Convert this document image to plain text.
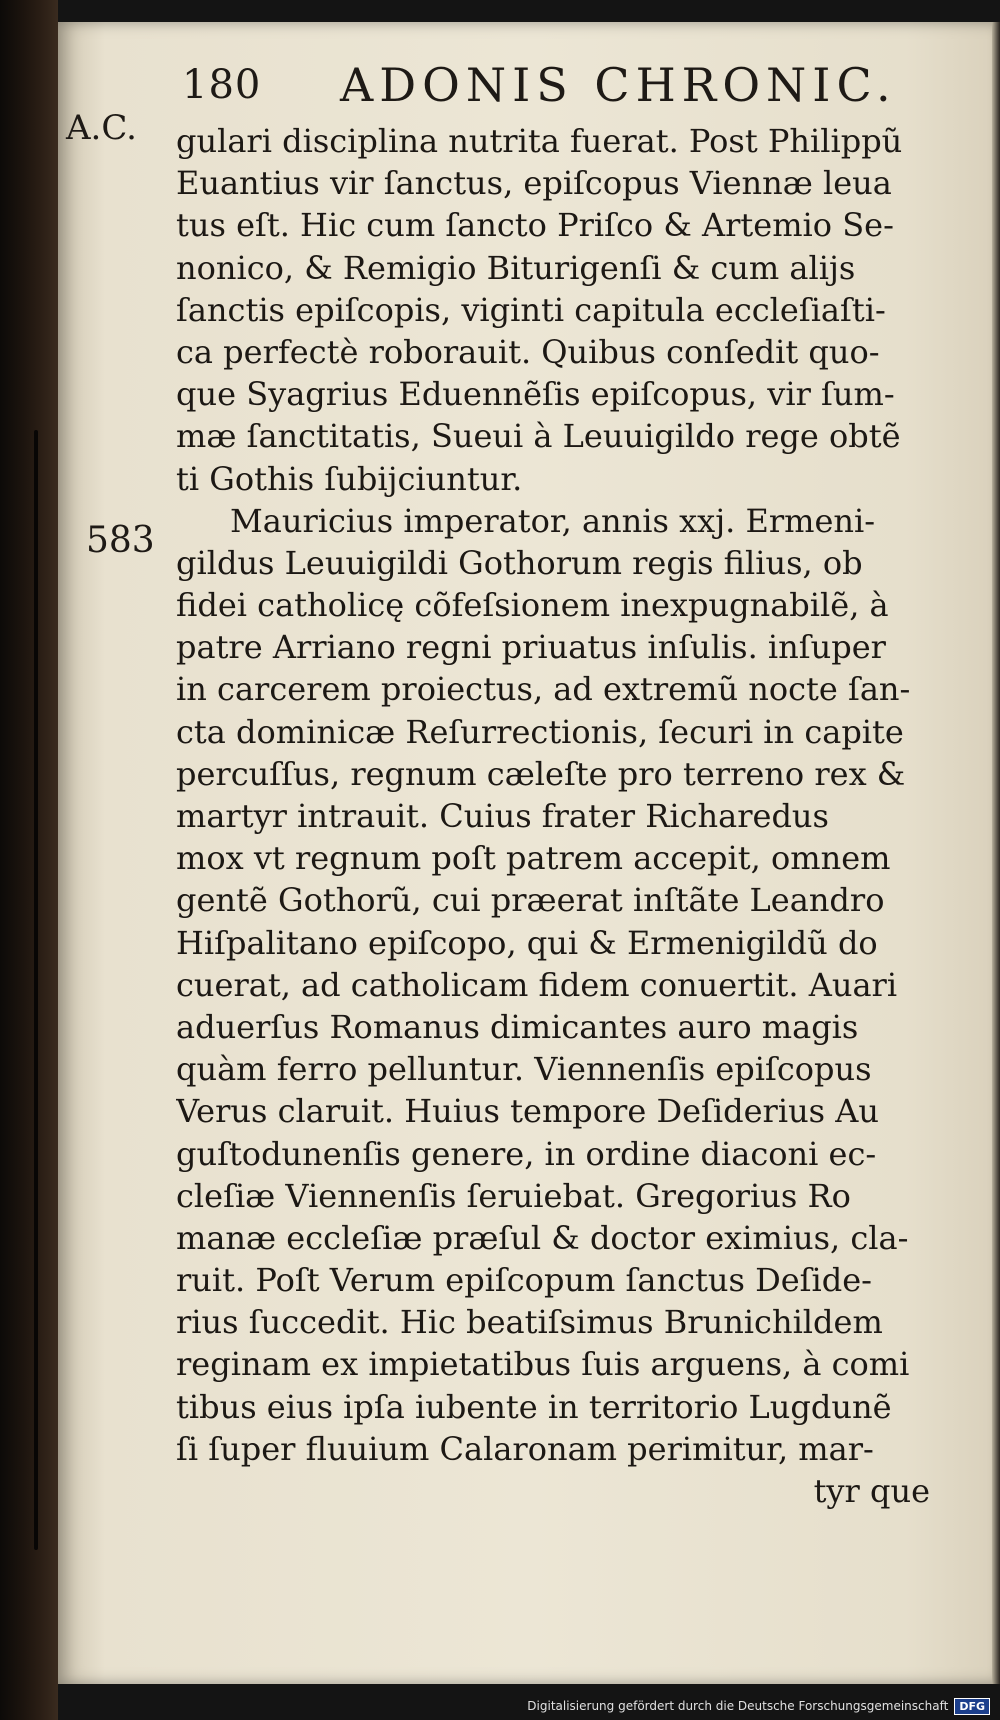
180 ADONIS CHRONIC.
A.C.
583
gulari disciplina nutrita fuerat. Post Philippũ
Euantius vir ſanctus, epiſcopus Viennæ leua
tus eſt. Hic cum ſancto Priſco & Artemio Se-
nonico, & Remigio Biturigenſi & cum alijs
ſanctis epiſcopis, viginti capitula eccleſiaſti-
ca perfectè roborauit. Quibus conſedit quo-
que Syagrius Eduennẽſis epiſcopus, vir ſum-
mæ ſanctitatis, Sueui à Leuuigildo rege obtẽ
ti Gothis ſubijciuntur.
Mauricius imperator, annis xxj. Ermeni-
gildus Leuuigildi Gothorum regis filius, ob
fidei catholicę cõfeſsionem inexpugnabilẽ, à
patre Arriano regni priuatus inſulis. inſuper
in carcerem proiectus, ad extremũ nocte ſan-
cta dominicæ Reſurrectionis, ſecuri in capite
percuſſus, regnum cæleſte pro terreno rex &
martyr intrauit. Cuius frater Richaredus
mox vt regnum poſt patrem accepit, omnem
gentẽ Gothorũ, cui præerat inſtãte Leandro
Hiſpalitano epiſcopo, qui & Ermenigildũ do
cuerat, ad catholicam fidem conuertit. Auari
aduerſus Romanus dimicantes auro magis
quàm ferro pelluntur. Viennenſis epiſcopus
Verus claruit. Huius tempore Deſiderius Au
guſtodunenſis genere, in ordine diaconi ec-
cleſiæ Viennenſis ſeruiebat. Gregorius Ro
manæ eccleſiæ præſul & doctor eximius, cla-
ruit. Poſt Verum epiſcopum ſanctus Deſide-
rius ſuccedit. Hic beatiſsimus Brunichildem
reginam ex impietatibus ſuis arguens, à comi
tibus eius ipſa iubente in territorio Lugdunẽ
ſi ſuper fluuium Calaronam perimitur, mar-
tyr que
Digitalisierung gefördert durch die Deutsche Forschungsgemeinschaft	DFG
